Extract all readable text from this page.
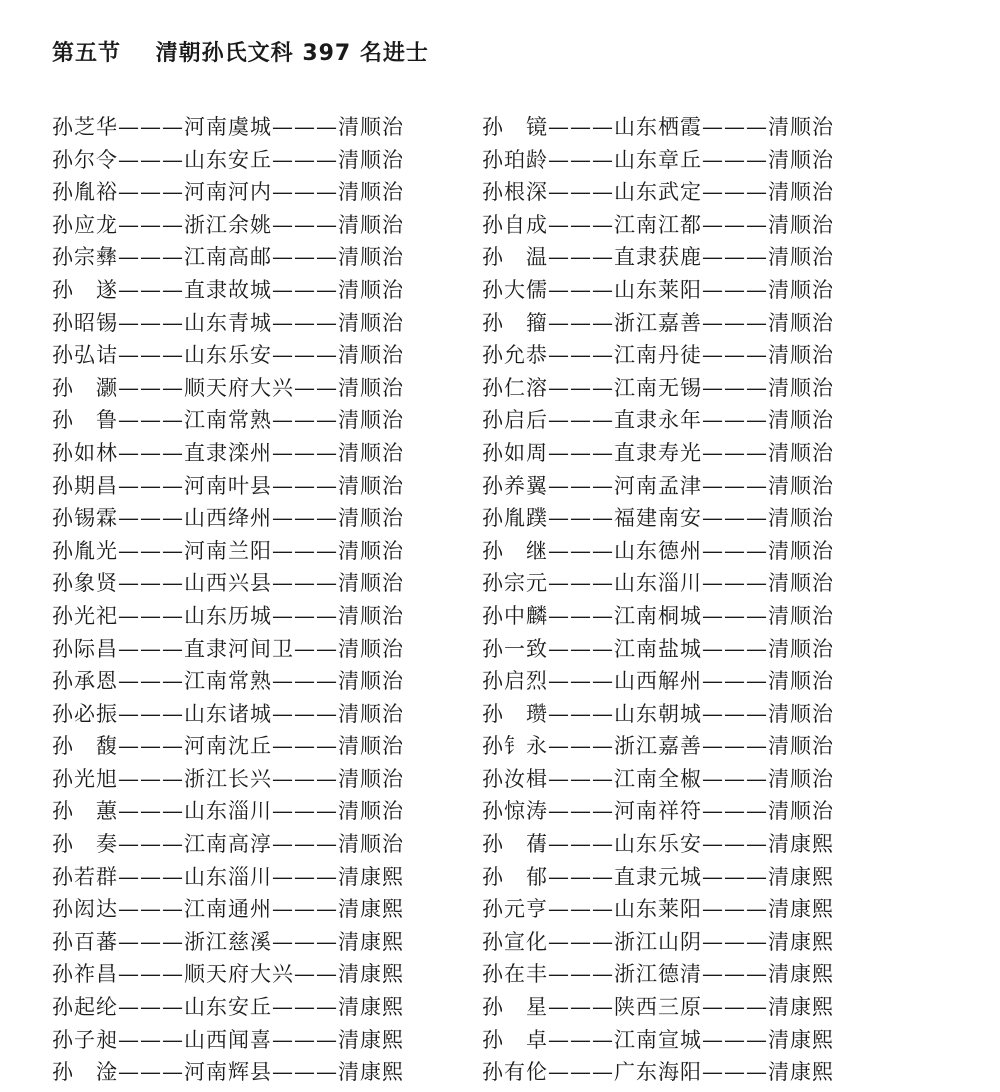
第五节 清朝孙氏文科 397 名进士
孙芝华———河南虞城———清顺治
孙尔令———山东安丘———清顺治
孙胤裕———河南河内———清顺治
孙应龙———浙江余姚———清顺治
孙宗彝———江南高邮———清顺治
孙　遂———直隶故城———清顺治
孙昭锡———山东青城———清顺治
孙弘诘———山东乐安———清顺治
孙　灏———顺天府大兴——清顺治
孙　鲁———江南常熟———清顺治
孙如林———直隶滦州———清顺治
孙期昌———河南叶县———清顺治
孙锡霖———山西绛州———清顺治
孙胤光———河南兰阳———清顺治
孙象贤———山西兴县———清顺治
孙光祀———山东历城———清顺治
孙际昌———直隶河间卫——清顺治
孙承恩———江南常熟———清顺治
孙必振———山东诸城———清顺治
孙　馥———河南沈丘———清顺治
孙光旭———浙江长兴———清顺治
孙　蕙———山东淄川———清顺治
孙　奏———江南高淳———清顺治
孙若群———山东淄川———清康熙
孙闳达———江南通州———清康熙
孙百蕃———浙江慈溪———清康熙
孙祚昌———顺天府大兴——清康熙
孙起纶———山东安丘———清康熙
孙子昶———山西闻喜———清康熙
孙　淦———河南辉县———清康熙
孙　镜———山东栖霞———清顺治
孙珀龄———山东章丘———清顺治
孙根深———山东武定———清顺治
孙自成———江南江都———清顺治
孙　温———直隶获鹿———清顺治
孙大儒———山东莱阳———清顺治
孙　籀———浙江嘉善———清顺治
孙允恭———江南丹徒———清顺治
孙仁溶———江南无锡———清顺治
孙启后———直隶永年———清顺治
孙如周———直隶寿光———清顺治
孙养翼———河南孟津———清顺治
孙胤蹼———福建南安———清顺治
孙　继———山东德州———清顺治
孙宗元———山东淄川———清顺治
孙中麟———江南桐城———清顺治
孙一致———江南盐城———清顺治
孙启烈———山西解州———清顺治
孙　瓒———山东朝城———清顺治
孙钅永———浙江嘉善———清顺治
孙汝楫———江南全椒———清顺治
孙惊涛———河南祥符———清顺治
孙　蒨———山东乐安———清康熙
孙　郁———直隶元城———清康熙
孙元亨———山东莱阳———清康熙
孙宣化———浙江山阴———清康熙
孙在丰———浙江德清———清康熙
孙　星———陕西三原———清康熙
孙　卓———江南宣城———清康熙
孙有伦———广东海阳———清康熙
